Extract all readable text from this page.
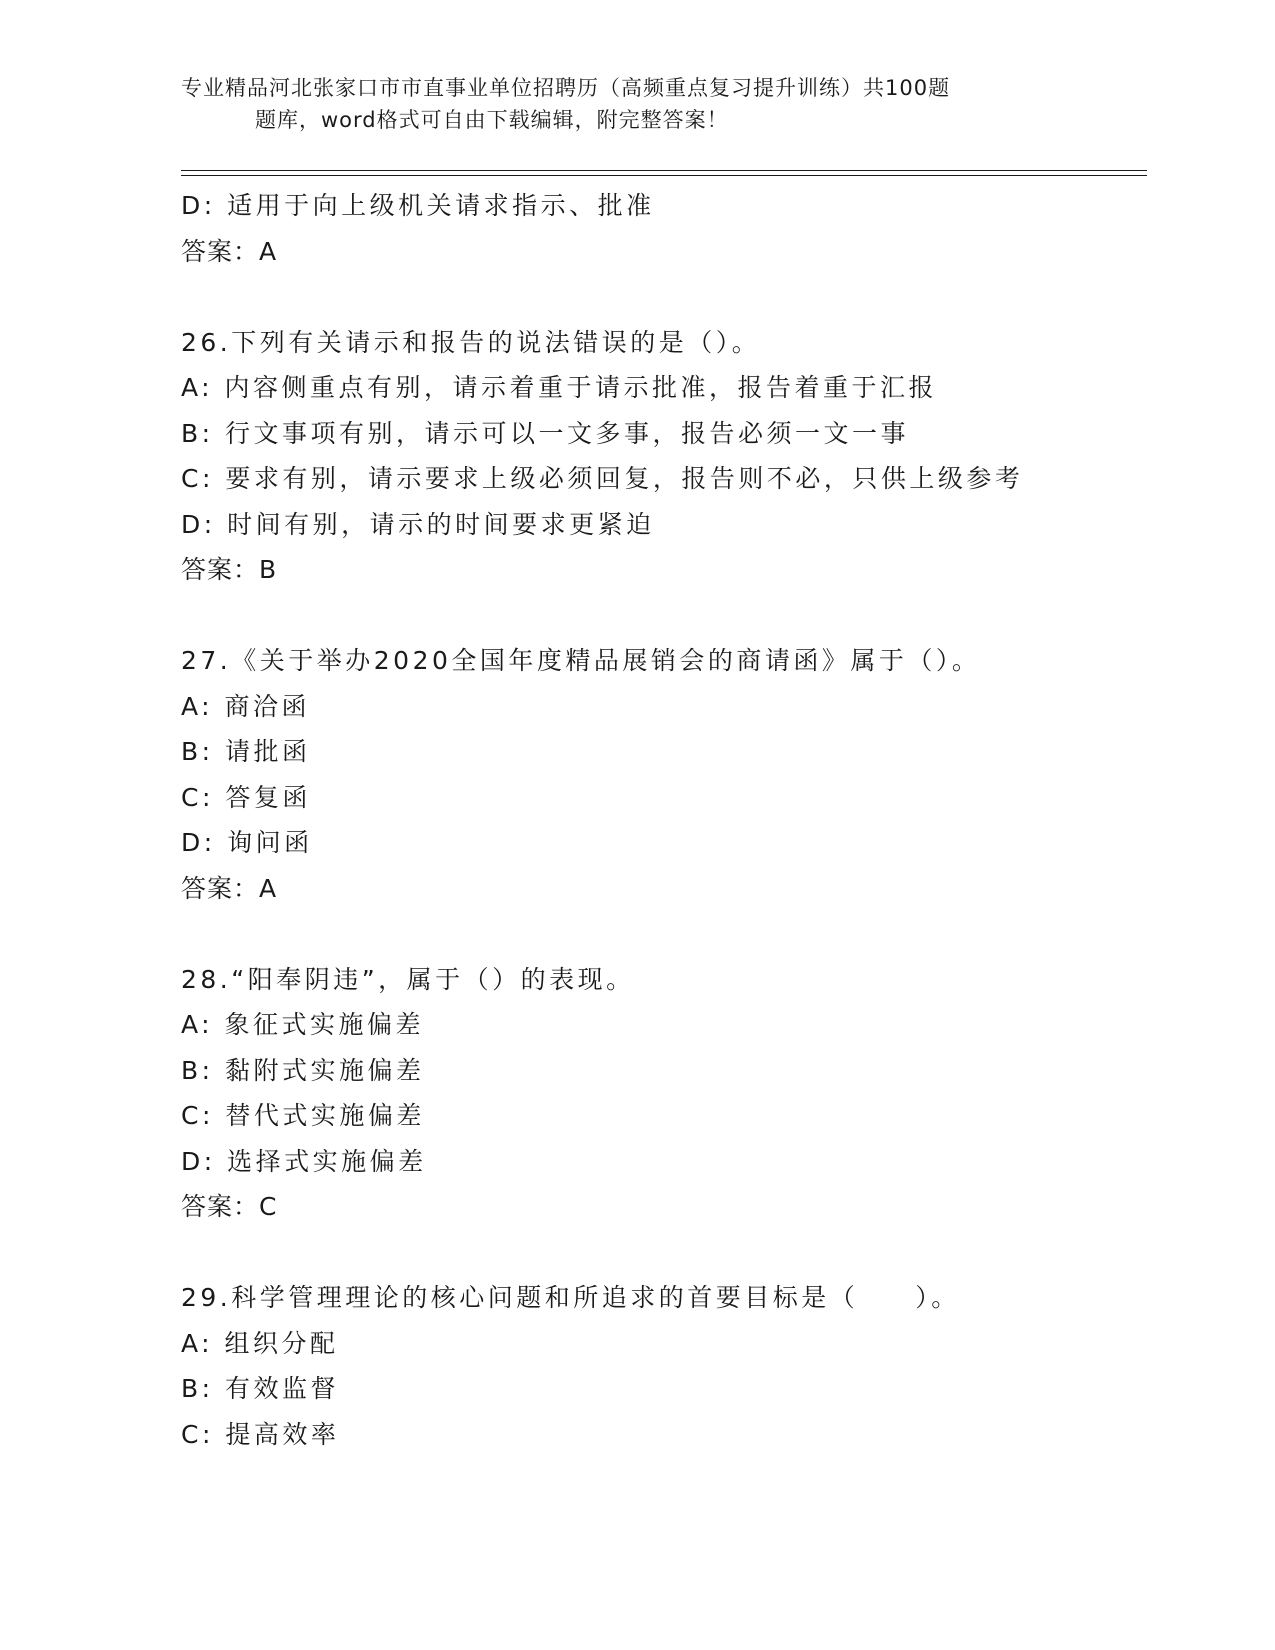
专业精品河北张家口市市直事业单位招聘历（高频重点复习提升训练）共100题
题库，word格式可自由下载编辑，附完整答案！
D: 适用于向上级机关请求指示、批准
答案：A
26.下列有关请示和报告的说法错误的是（）。
A: 内容侧重点有别，请示着重于请示批准，报告着重于汇报
B: 行文事项有别，请示可以一文多事，报告必须一文一事
C: 要求有别，请示要求上级必须回复，报告则不必，只供上级参考
D: 时间有别，请示的时间要求更紧迫
答案：B
27.《关于举办2020全国年度精品展销会的商请函》属于（）。
A: 商洽函
B: 请批函
C: 答复函
D: 询问函
答案：A
28.“阳奉阴违”，属于（）的表现。
A: 象征式实施偏差
B: 黏附式实施偏差
C: 替代式实施偏差
D: 选择式实施偏差
答案：C
29.科学管理理论的核心问题和所追求的首要目标是（　　）。
A: 组织分配
B: 有效监督
C: 提高效率
